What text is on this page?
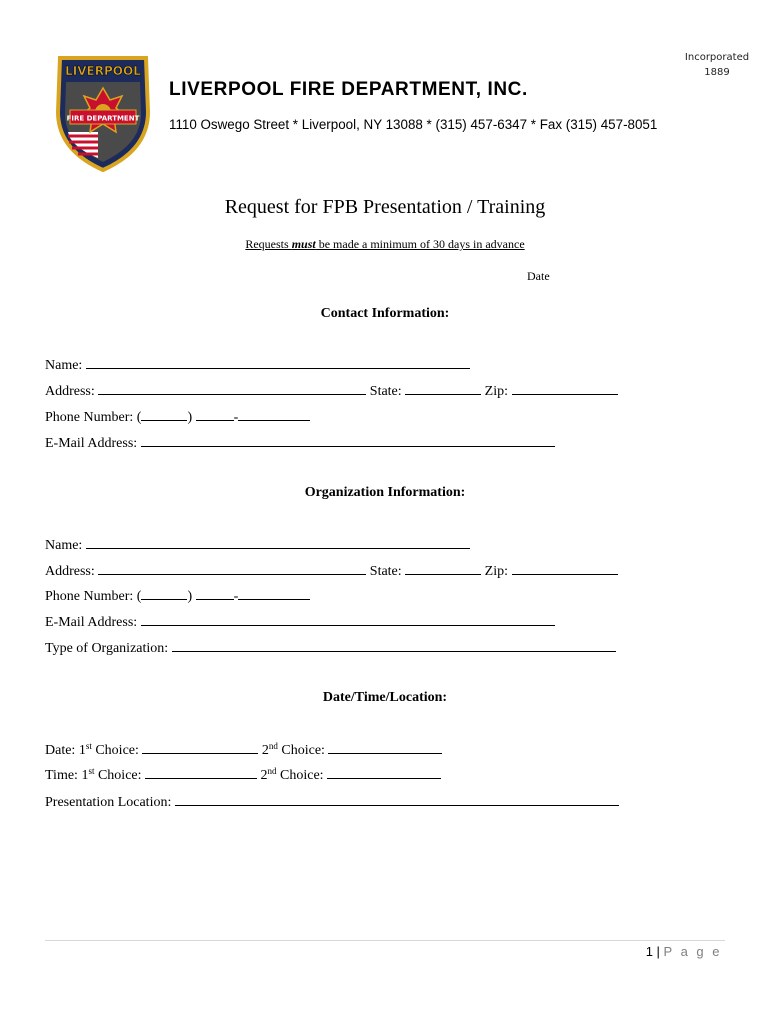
Incorporated
1889
FIRE DEPARTMENT
LIVERPOOL
LIVERPOOL FIRE DEPARTMENT, INC.
1110 Oswego Street * Liverpool, NY 13088 * (315) 457-6347 * Fax (315) 457-8051
Request for FPB Presentation / Training
Requests must be made a minimum of 30 days in advance
Date
Contact Information:
Name:
Address:	State:	Zip:
Phone Number: (	)	-
E-Mail Address:
Organization Information:
Name:
Address:	State:	Zip:
Phone Number: (	)	-
E-Mail Address:
Type of Organization:
Date/Time/Location:
Date: 1st Choice:	2nd Choice:
Time: 1st Choice:	2nd Choice:
Presentation Location:
1 | P a g e
